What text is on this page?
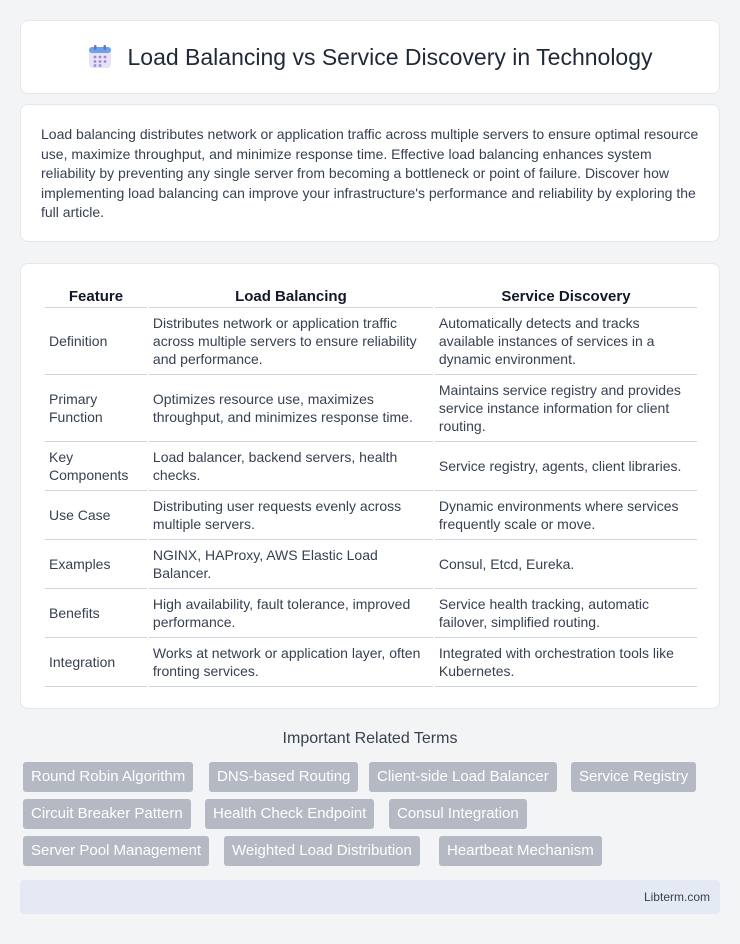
Load Balancing vs Service Discovery in Technology

Load balancing distributes network or application traffic across multiple servers to ensure optimal resource use, maximize throughput, and minimize response time. Effective load balancing enhances system reliability by preventing any single server from becoming a bottleneck or point of failure. Discover how implementing load balancing can improve your infrastructure's performance and reliability by exploring the full article.

Feature	Load Balancing	Service Discovery
Definition	Distributes network or application traffic across multiple servers to ensure reliability and performance.	Automatically detects and tracks available instances of services in a dynamic environment.
Primary Function	Optimizes resource use, maximizes throughput, and minimizes response time.	Maintains service registry and provides service instance information for client routing.
Key Components	Load balancer, backend servers, health checks.	Service registry, agents, client libraries.
Use Case	Distributing user requests evenly across multiple servers.	Dynamic environments where services frequently scale or move.
Examples	NGINX, HAProxy, AWS Elastic Load Balancer.	Consul, Etcd, Eureka.
Benefits	High availability, fault tolerance, improved performance.	Service health tracking, automatic failover, simplified routing.
Integration	Works at network or application layer, often fronting services.	Integrated with orchestration tools like Kubernetes.
Important Related Terms
Round Robin Algorithm	DNS-based Routing	Client-side Load Balancer	Service Registry
Circuit Breaker Pattern	Health Check Endpoint	Consul Integration
Server Pool Management	Weighted Load Distribution	Heartbeat Mechanism
Libterm.com
